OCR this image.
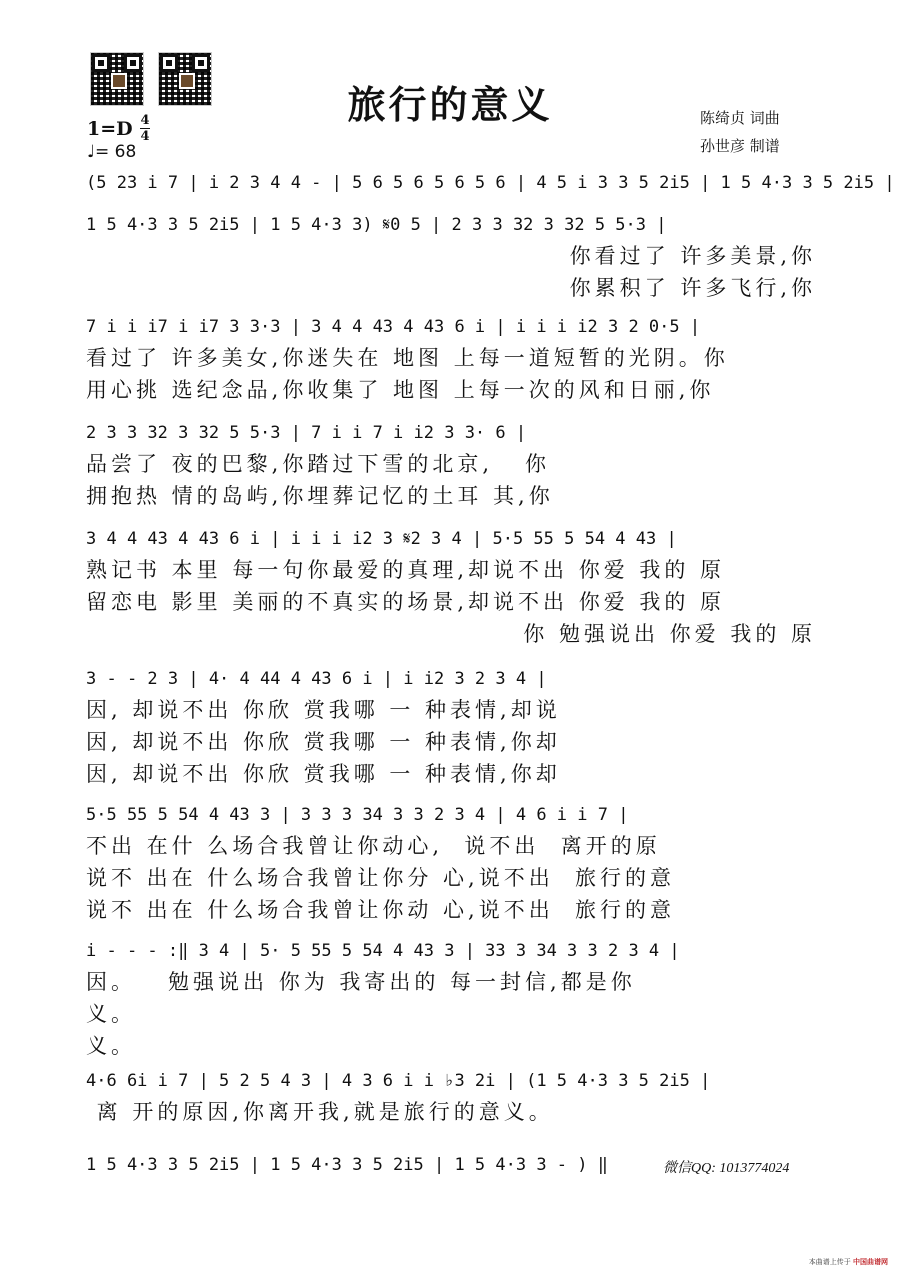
旅行的意义	陈绮贞 词曲
孙世彦 制谱
1=D 4
4
♩= 68
(5 23 i 7 | i 2 3 4 4 - | 5 6 5 6 5 6 5 6 | 4 5 i 3 3 5 2i5 | 1 5 4·3 3 5 2i5 |
1 5 4·3 3 5 2i5 | 1 5 4·3 3) 𝄋0 5 | 2 3 3 32 3 32 5 5·3 |
你看过了 许多美景,你
你累积了 许多飞行,你
7 i i i7 i i7 3 3·3 | 3 4 4 43 4 43 6 i | i i i i2 3 2 0·5 |
看过了 许多美女,你迷失在 地图 上每一道短暂的光阴。你
用心挑 选纪念品,你收集了 地图 上每一次的风和日丽,你
2 3 3 32 3 32 5 5·3 | 7 i i 7 i i2 3 3· 6 |
品尝了 夜的巴黎,你踏过下雪的北京,   你
拥抱热 情的岛屿,你埋葬记忆的土耳 其,你
3 4 4 43 4 43 6 i | i i i i2 3 𝄋2 3 4 | 5·5 55 5 54 4 43 |
熟记书 本里 每一句你最爱的真理,却说不出 你爱 我的 原
留恋电 影里 美丽的不真实的场景,却说不出 你爱 我的 原
你 勉强说出 你爱 我的 原
3 - - 2 3 | 4· 4 44 4 43 6 i | i i2 3 2 3 4 |
因, 却说不出 你欣 赏我哪 一 种表情,却说
因, 却说不出 你欣 赏我哪 一 种表情,你却
因, 却说不出 你欣 赏我哪 一 种表情,你却
5·5 55 5 54 4 43 3 | 3 3 3 34 3 3 2 3 4 | 4 6 i i 7 |
不出 在什 么场合我曾让你动心,  说不出  离开的原
说不 出在 什么场合我曾让你分 心,说不出  旅行的意
说不 出在 什么场合我曾让你动 心,说不出  旅行的意
i - - - :‖ 3 4 | 5· 5 55 5 54 4 43 3 | 33 3 34 3 3 2 3 4 |
因。   勉强说出 你为 我寄出的 每一封信,都是你
义。
义。
4·6 6i i 7 | 5 2 5 4 3 | 4 3 6 i i ♭3 2i | (1 5 4·3 3 5 2i5 |
离 开的原因,你离开我,就是旅行的意义。
1 5 4·3 3 5 2i5 | 1 5 4·3 3 5 2i5 | 1 5 4·3 3 - ) ‖	微信QQ: 1013774024
本曲谱上传于 中国曲谱网
